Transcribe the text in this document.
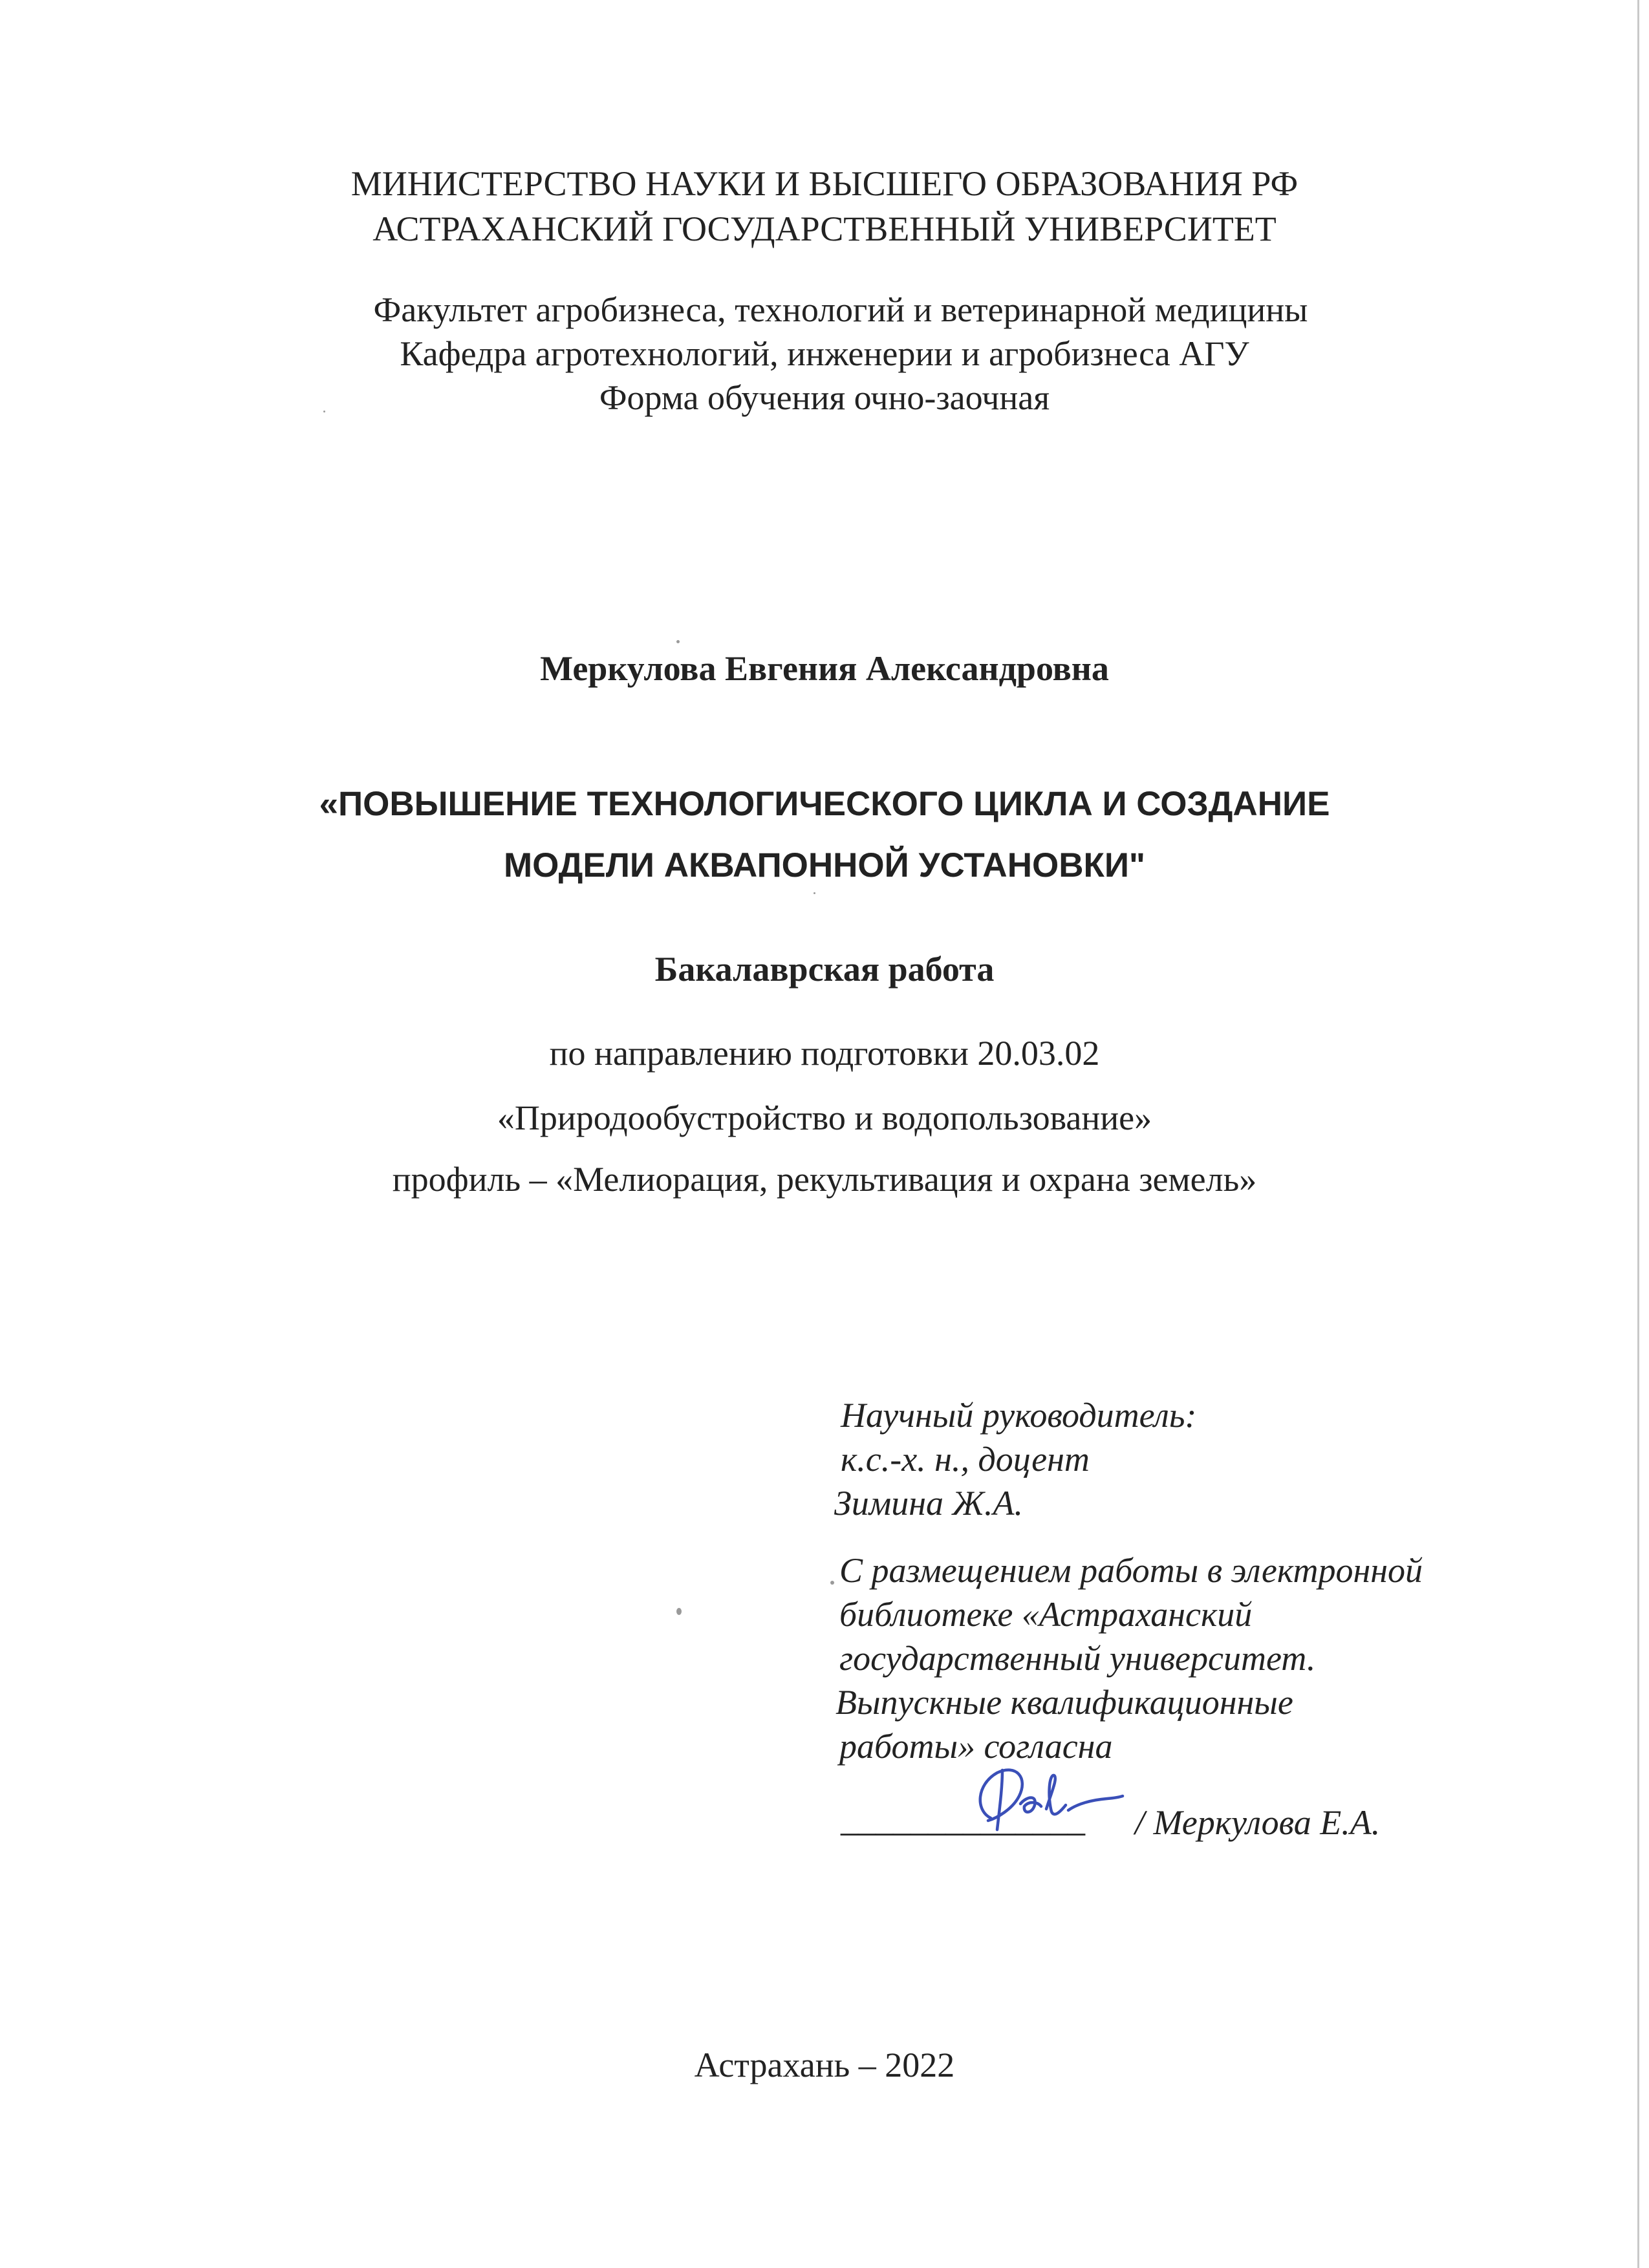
МИНИСТЕРСТВО НАУКИ И ВЫСШЕГО ОБРАЗОВАНИЯ РФ
АСТРАХАНСКИЙ ГОСУДАРСТВЕННЫЙ УНИВЕРСИТЕТ
Факультет агробизнеса, технологий и ветеринарной медицины
Кафедра агротехнологий, инженерии и агробизнеса АГУ
Форма обучения очно-заочная
Меркулова Евгения Александровна
«ПОВЫШЕНИЕ ТЕХНОЛОГИЧЕСКОГО ЦИКЛА И СОЗДАНИЕ
МОДЕЛИ АКВАПОННОЙ УСТАНОВКИ"
Бакалаврская работа
по направлению подготовки 20.03.02
«Природообустройство и водопользование»
профиль – «Мелиорация, рекультивация и охрана земель»
Научный руководитель:
к.с.-х. н., доцент
Зимина Ж.А.
С размещением работы в электронной
библиотеке «Астраханский
государственный университет.
Выпускные квалификационные
работы» согласна
______________ / Меркулова Е.А.
Астрахань – 2022
